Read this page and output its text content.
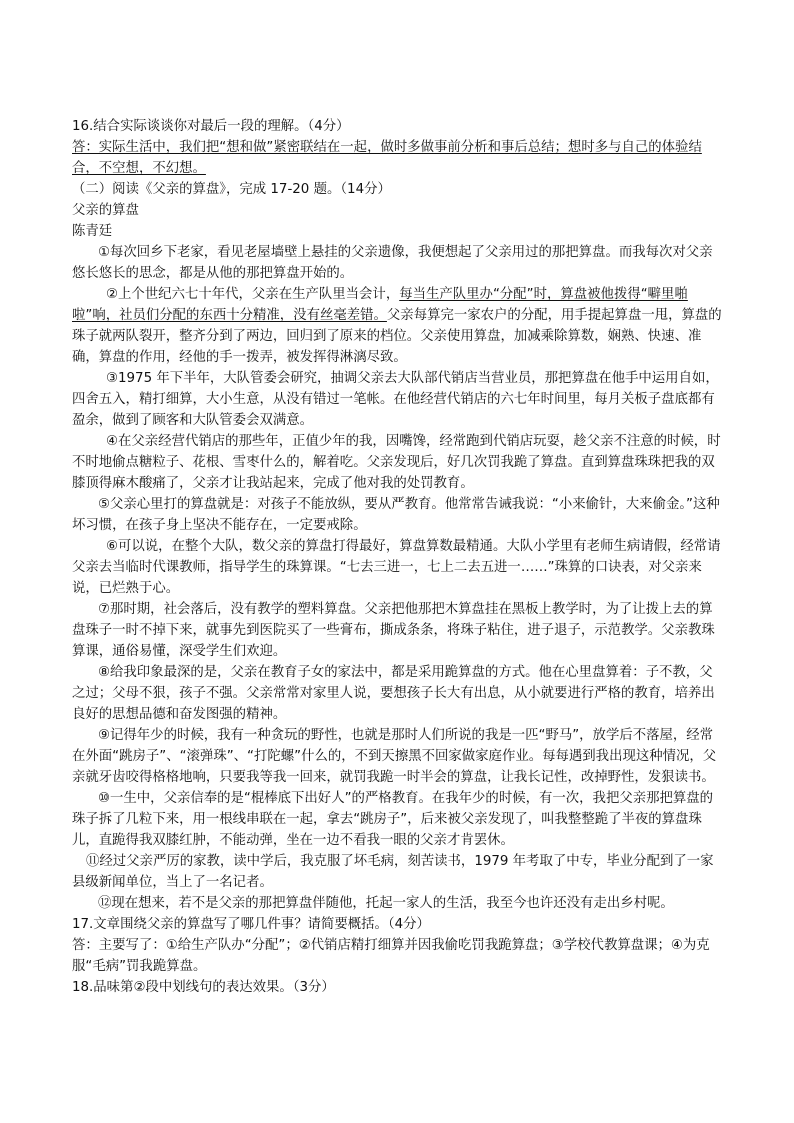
16.结合实际谈谈你对最后一段的理解。（4分）

答：实际生活中，我们把“想和做”紧密联结在一起，做时多做事前分析和事后总结；想时多与自己的体验结合，不空想，不幻想。

（二）阅读《父亲的算盘》，完成 17-20 题。（14分）

父亲的算盘

陈青廷

①每次回乡下老家，看见老屋墙壁上悬挂的父亲遗像，我便想起了父亲用过的那把算盘。而我每次对父亲悠长悠长的思念，都是从他的那把算盘开始的。

②上个世纪六七十年代，父亲在生产队里当会计，每当生产队里办“分配”时，算盘被他拨得“噼里啪啦”响，社员们分配的东西十分精准，没有丝毫差错。父亲每算完一家农户的分配，用手提起算盘一甩，算盘的珠子就两队裂开，整齐分到了两边，回归到了原来的档位。父亲使用算盘，加减乘除算数，娴熟、快速、准确，算盘的作用，经他的手一拨弄，被发挥得淋漓尽致。

③1975 年下半年，大队管委会研究，抽调父亲去大队部代销店当营业员，那把算盘在他手中运用自如，四舍五入，精打细算，大小生意，从没有错过一笔帐。在他经营代销店的六七年时间里，每月关板子盘底都有盈余，做到了顾客和大队管委会双满意。

④在父亲经营代销店的那些年，正值少年的我，因嘴馋，经常跑到代销店玩耍，趁父亲不注意的时候，时不时地偷点糖粒子、花根、雪枣什么的，解着吃。父亲发现后，好几次罚我跪了算盘。直到算盘珠珠把我的双膝顶得麻木酸痛了，父亲才让我站起来，完成了他对我的处罚教育。

⑤父亲心里打的算盘就是：对孩子不能放纵，要从严教育。他常常告诫我说：“小来偷针，大来偷金。”这种坏习惯，在孩子身上坚决不能存在，一定要戒除。

⑥可以说，在整个大队，数父亲的算盘打得最好，算盘算数最精通。大队小学里有老师生病请假，经常请父亲去当临时代课教师，指导学生的珠算课。“七去三进一，七上二去五进一……”珠算的口诀表，对父亲来说，已烂熟于心。

⑦那时期，社会落后，没有教学的塑料算盘。父亲把他那把木算盘挂在黑板上教学时，为了让拨上去的算盘珠子一时不掉下来，就事先到医院买了一些膏布，撕成条条，将珠子粘住，进子退子，示范教学。父亲教珠算课，通俗易懂，深受学生们欢迎。

⑧给我印象最深的是，父亲在教育子女的家法中，都是采用跪算盘的方式。他在心里盘算着：子不教，父之过；父母不狠，孩子不强。父亲常常对家里人说，要想孩子长大有出息，从小就要进行严格的教育，培养出良好的思想品德和奋发图强的精神。

⑨记得年少的时候，我有一种贪玩的野性，也就是那时人们所说的我是一匹“野马”，放学后不落屋，经常在外面“跳房子”、“滚弹珠”、“打陀螺”什么的，不到天擦黑不回家做家庭作业。每每遇到我出现这种情况，父亲就牙齿咬得格格地响，只要我等我一回来，就罚我跪一时半会的算盘，让我长记性，改掉野性，发狠读书。

⑩一生中，父亲信奉的是“棍棒底下出好人”的严格教育。在我年少的时候，有一次，我把父亲那把算盘的珠子拆了几粒下来，用一根线串联在一起，拿去“跳房子”，后来被父亲发现了，叫我整整跪了半夜的算盘珠儿，直跪得我双膝红肿，不能动弹，坐在一边不看我一眼的父亲才肯罢休。

⑪经过父亲严厉的家教，读中学后，我克服了坏毛病，刻苦读书，1979 年考取了中专，毕业分配到了一家县级新闻单位，当上了一名记者。

⑫现在想来，若不是父亲的那把算盘伴随他，托起一家人的生活，我至今也许还没有走出乡村呢。

17.文章围绕父亲的算盘写了哪几件事？请简要概括。（4分）

答：主要写了：①给生产队办“分配”；②代销店精打细算并因我偷吃罚我跪算盘；③学校代教算盘课；④为克服“毛病”罚我跪算盘。

18.品味第②段中划线句的表达效果。（3分）
